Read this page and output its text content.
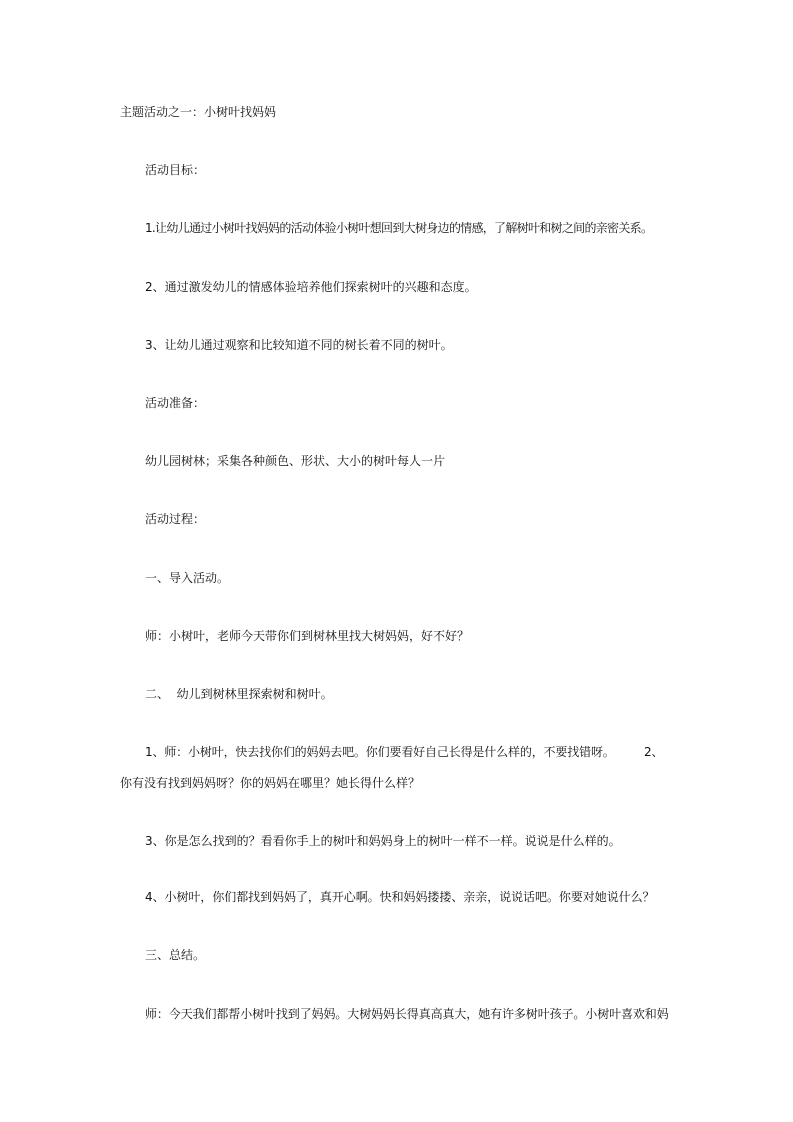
主题活动之一：小树叶找妈妈
活动目标：
1.让幼儿通过小树叶找妈妈的活动体验小树叶想回到大树身边的情感，了解树叶和树之间的亲密关系。
2、通过激发幼儿的情感体验培养他们探索树叶的兴趣和态度。
3、让幼儿通过观察和比较知道不同的树长着不同的树叶。
活动准备：
幼儿园树林；采集各种颜色、形状、大小的树叶每人一片
活动过程：
一、导入活动。
师：小树叶，老师今天带你们到树林里找大树妈妈，好不好？
二、  幼儿到树林里探索树和树叶。
1、师：小树叶，快去找你们的妈妈去吧。你们要看好自己长得是什么样的，不要找错呀。        2、
你有没有找到妈妈呀？你的妈妈在哪里？她长得什么样？
3、你是怎么找到的？看看你手上的树叶和妈妈身上的树叶一样不一样。说说是什么样的。
4、小树叶，你们都找到妈妈了，真开心啊。快和妈妈搂搂、亲亲，说说话吧。你要对她说什么？
三、总结。
师：今天我们都帮小树叶找到了妈妈。大树妈妈长得真高真大，她有许多树叶孩子。小树叶喜欢和妈
